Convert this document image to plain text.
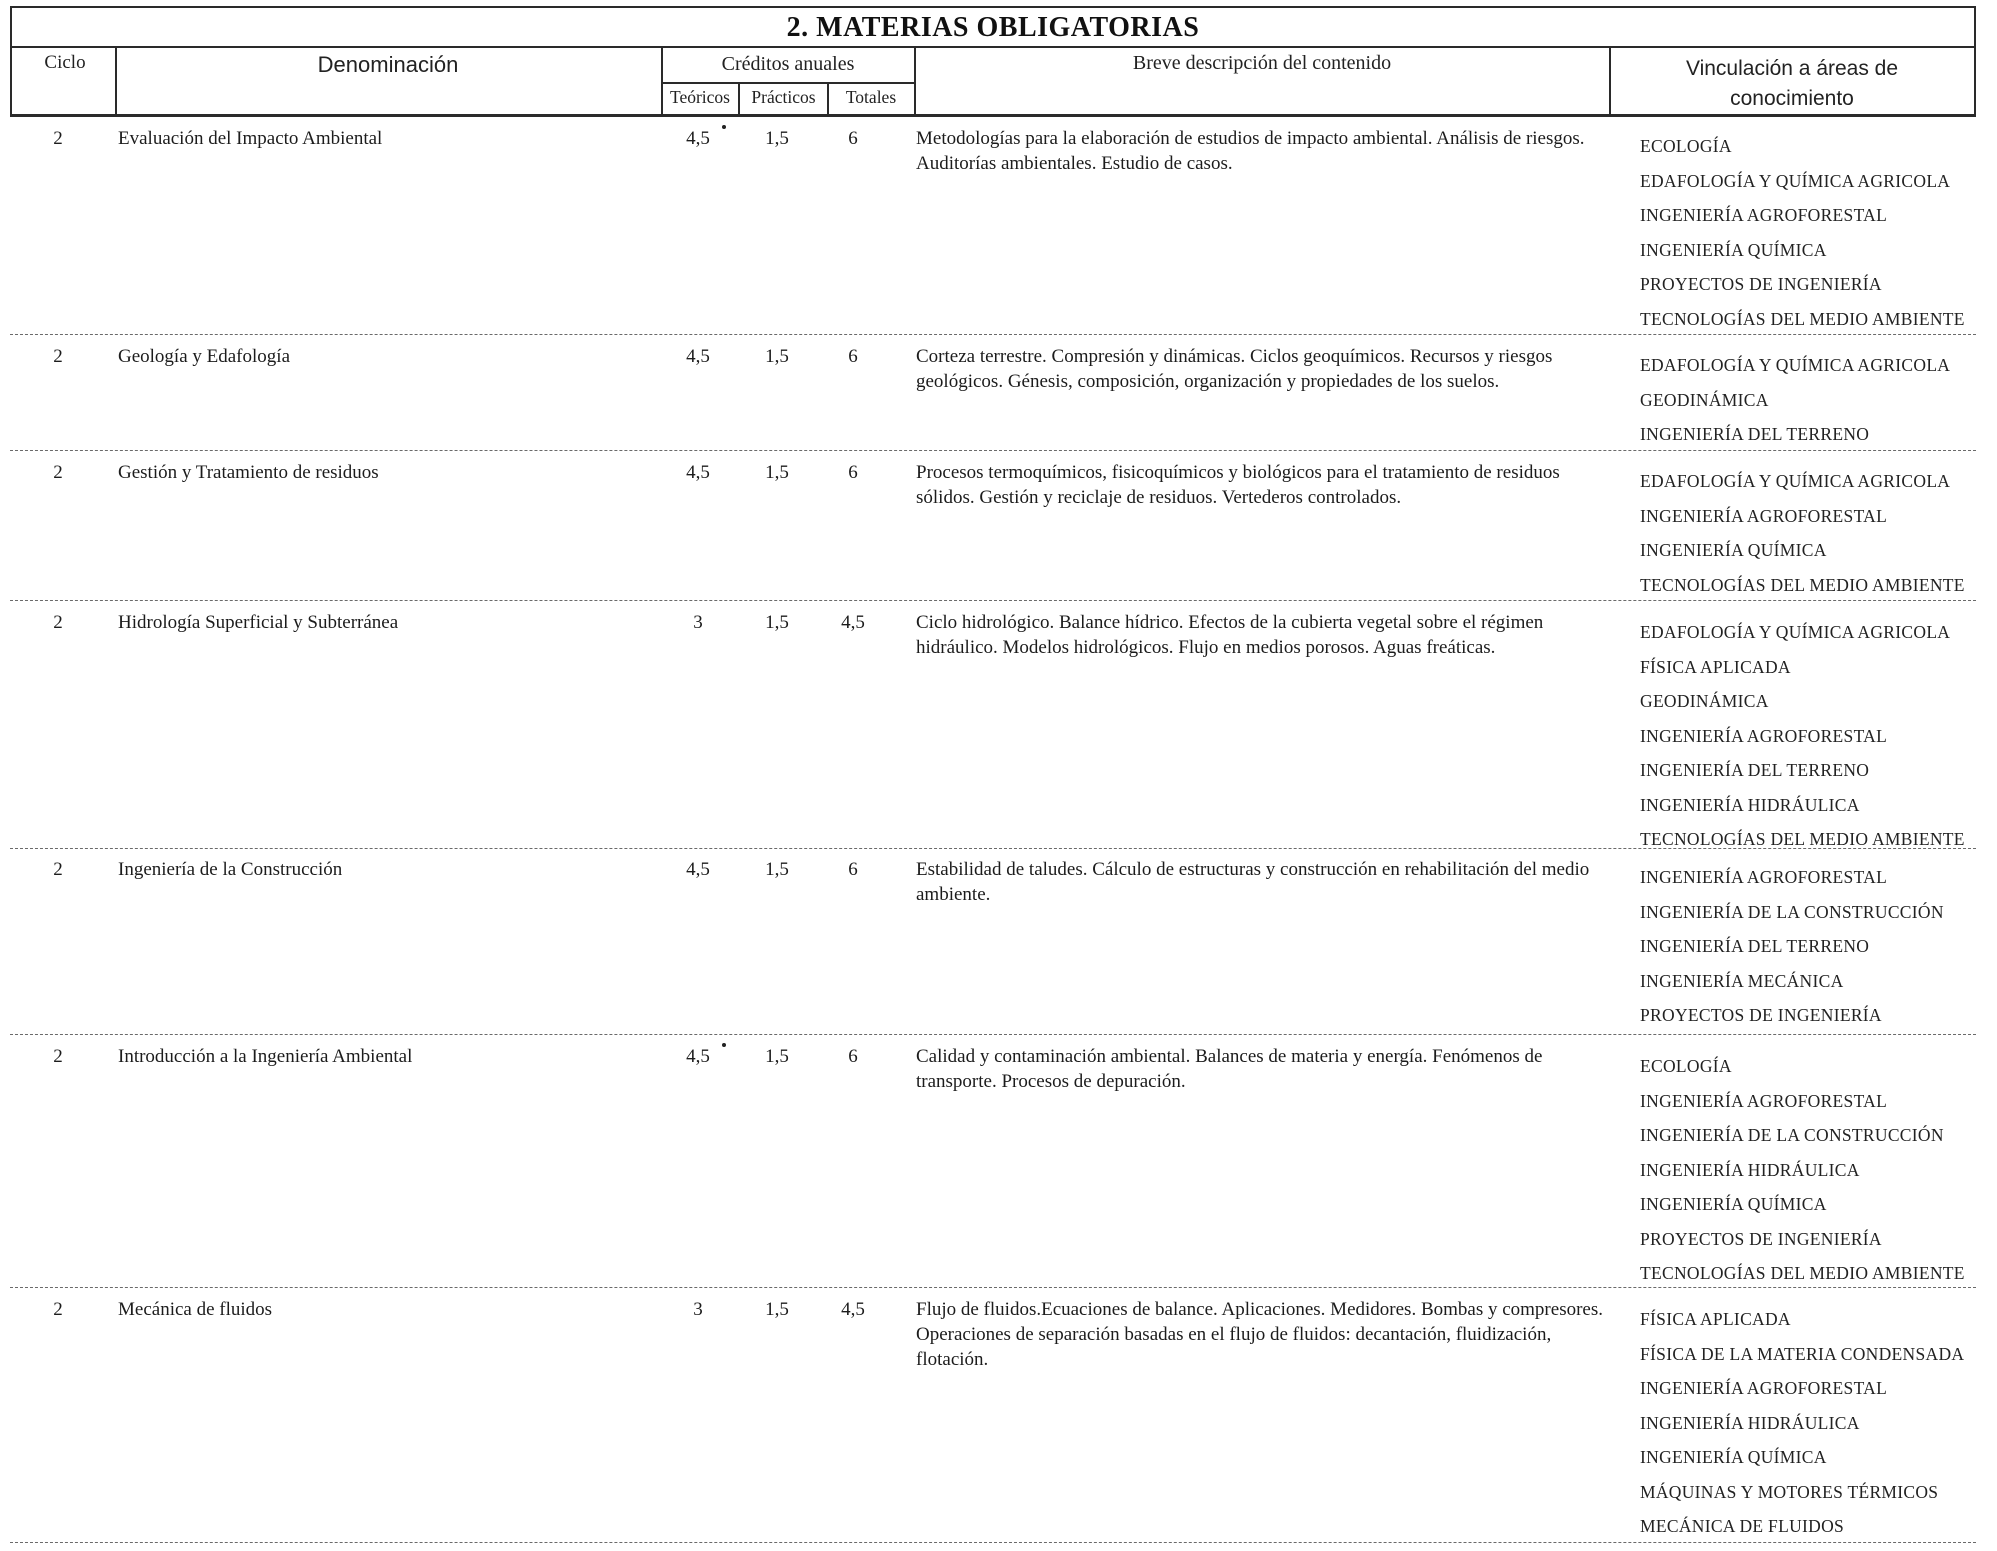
2. MATERIAS OBLIGATORIAS
Ciclo	Denominación	Créditos anuales
Teóricos	Prácticos	Totales
Breve descripción del contenido	Vinculación a áreas de
conocimiento
2	Evaluación del Impacto Ambiental	4,5	1,5	6	Metodologías para la elaboración de estudios de impacto ambiental. Análisis de riesgos. Auditorías ambientales. Estudio de casos.
ECOLOGÍA
EDAFOLOGÍA Y QUÍMICA AGRICOLA
INGENIERÍA AGROFORESTAL
INGENIERÍA QUÍMICA
PROYECTOS DE INGENIERÍA
TECNOLOGÍAS DEL MEDIO AMBIENTE
2	Geología y Edafología	4,5	1,5	6	Corteza terrestre. Compresión y dinámicas. Ciclos geoquímicos. Recursos y riesgos geológicos. Génesis, composición, organización y propiedades de los suelos.
EDAFOLOGÍA Y QUÍMICA AGRICOLA
GEODINÁMICA
INGENIERÍA DEL TERRENO
2	Gestión y Tratamiento de residuos	4,5	1,5	6	Procesos termoquímicos, fisicoquímicos y biológicos para el tratamiento de residuos sólidos. Gestión y reciclaje de residuos. Vertederos controlados.
EDAFOLOGÍA Y QUÍMICA AGRICOLA
INGENIERÍA AGROFORESTAL
INGENIERÍA QUÍMICA
TECNOLOGÍAS DEL MEDIO AMBIENTE
2	Hidrología Superficial y Subterránea	3	1,5	4,5	Ciclo hidrológico. Balance hídrico. Efectos de la cubierta vegetal sobre el régimen hidráulico. Modelos hidrológicos. Flujo en medios porosos. Aguas freáticas.
EDAFOLOGÍA Y QUÍMICA AGRICOLA
FÍSICA APLICADA
GEODINÁMICA
INGENIERÍA AGROFORESTAL
INGENIERÍA DEL TERRENO
INGENIERÍA HIDRÁULICA
TECNOLOGÍAS DEL MEDIO AMBIENTE
2	Ingeniería de la Construcción	4,5	1,5	6	Estabilidad de taludes. Cálculo de estructuras y construcción en rehabilitación del medio ambiente.
INGENIERÍA AGROFORESTAL
INGENIERÍA DE LA CONSTRUCCIÓN
INGENIERÍA DEL TERRENO
INGENIERÍA MECÁNICA
PROYECTOS DE INGENIERÍA
2	Introducción a la Ingeniería Ambiental	4,5	1,5	6	Calidad y contaminación ambiental. Balances de materia y energía. Fenómenos de transporte. Procesos de depuración.
ECOLOGÍA
INGENIERÍA AGROFORESTAL
INGENIERÍA DE LA CONSTRUCCIÓN
INGENIERÍA HIDRÁULICA
INGENIERÍA QUÍMICA
PROYECTOS DE INGENIERÍA
TECNOLOGÍAS DEL MEDIO AMBIENTE
2	Mecánica de fluidos	3	1,5	4,5	Flujo de fluidos.Ecuaciones de balance. Aplicaciones. Medidores. Bombas y compresores. Operaciones de separación basadas en el flujo de fluidos: decantación, fluidización, flotación.
FÍSICA APLICADA
FÍSICA DE LA MATERIA CONDENSADA
INGENIERÍA AGROFORESTAL
INGENIERÍA HIDRÁULICA
INGENIERÍA QUÍMICA
MÁQUINAS Y MOTORES TÉRMICOS
MECÁNICA DE FLUIDOS
